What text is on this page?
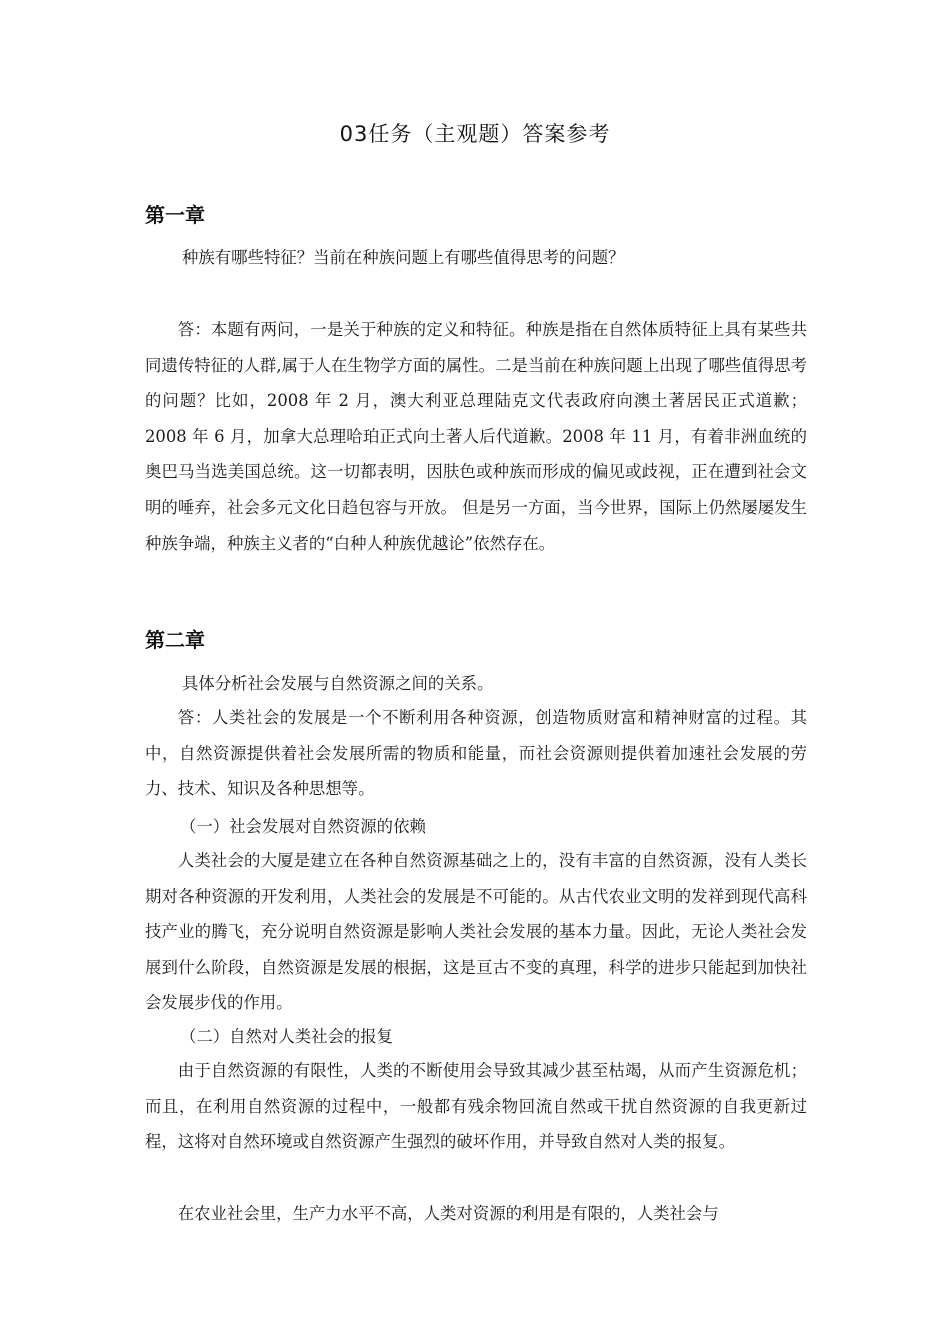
03任务（主观题）答案参考
第一章
种族有哪些特征？当前在种族问题上有哪些值得思考的问题？
答：本题有两问，一是关于种族的定义和特征。种族是指在自然体质特征上具有某些共同遗传特征的人群,属于人在生物学方面的属性。二是当前在种族问题上出现了哪些值得思考的问题？比如，2008 年 2 月，澳大利亚总理陆克文代表政府向澳土著居民正式道歉；2008 年 6 月，加拿大总理哈珀正式向土著人后代道歉。2008 年 11 月，有着非洲血统的奥巴马当选美国总统。这一切都表明，因肤色或种族而形成的偏见或歧视，正在遭到社会文明的唾弃，社会多元文化日趋包容与开放。 但是另一方面，当今世界，国际上仍然屡屡发生种族争端，种族主义者的“白种人种族优越论”依然存在。
第二章
具体分析社会发展与自然资源之间的关系。
答：人类社会的发展是一个不断利用各种资源，创造物质财富和精神财富的过程。其中，自然资源提供着社会发展所需的物质和能量，而社会资源则提供着加速社会发展的劳力、技术、知识及各种思想等。
（一）社会发展对自然资源的依赖
人类社会的大厦是建立在各种自然资源基础之上的，没有丰富的自然资源，没有人类长期对各种资源的开发利用，人类社会的发展是不可能的。从古代农业文明的发祥到现代高科技产业的腾飞，充分说明自然资源是影响人类社会发展的基本力量。因此，无论人类社会发展到什么阶段，自然资源是发展的根据，这是亘古不变的真理，科学的进步只能起到加快社会发展步伐的作用。
（二）自然对人类社会的报复
由于自然资源的有限性，人类的不断使用会导致其减少甚至枯竭，从而产生资源危机；而且，在利用自然资源的过程中，一般都有残余物回流自然或干扰自然资源的自我更新过程，这将对自然环境或自然资源产生强烈的破坏作用，并导致自然对人类的报复。
在农业社会里，生产力水平不高，人类对资源的利用是有限的，人类社会与
